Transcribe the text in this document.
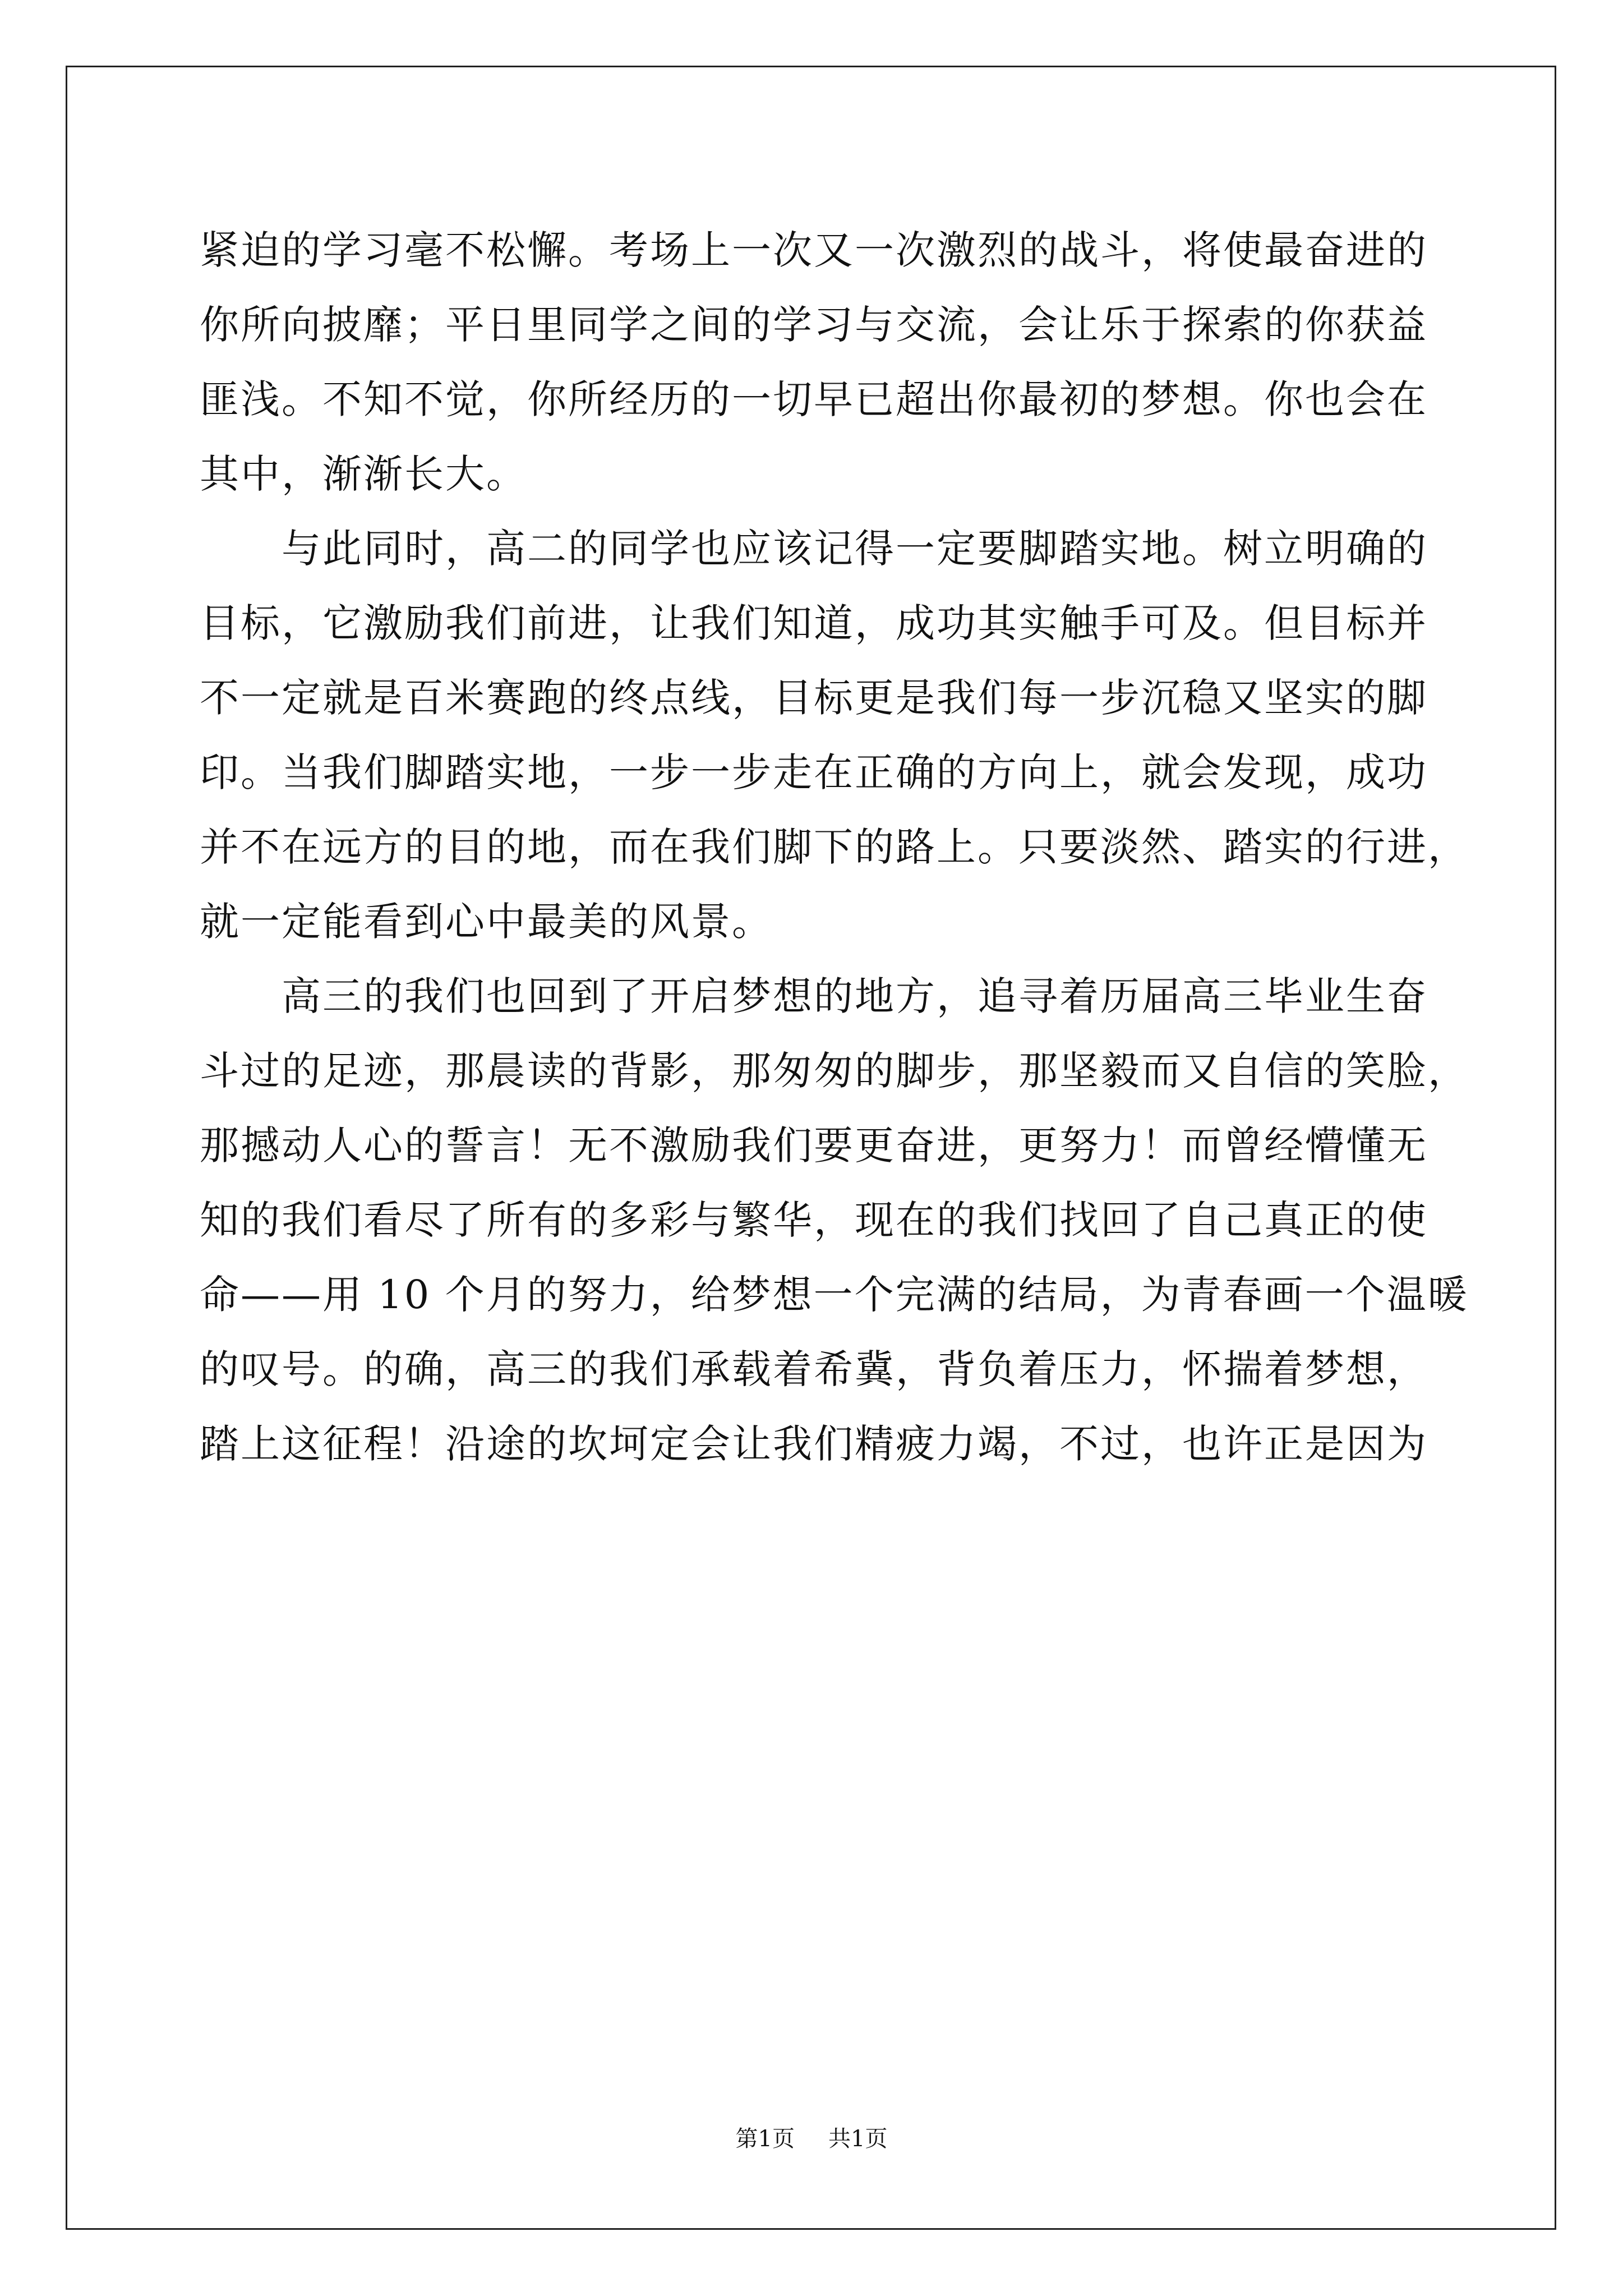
紧迫的学习毫不松懈。考场上一次又一次激烈的战斗，将使最奋进的
你所向披靡；平日里同学之间的学习与交流，会让乐于探索的你获益
匪浅。不知不觉，你所经历的一切早已超出你最初的梦想。你也会在
其中，渐渐长大。
与此同时，高二的同学也应该记得一定要脚踏实地。树立明确的
目标，它激励我们前进，让我们知道，成功其实触手可及。但目标并
不一定就是百米赛跑的终点线，目标更是我们每一步沉稳又坚实的脚
印。当我们脚踏实地，一步一步走在正确的方向上，就会发现，成功
并不在远方的目的地，而在我们脚下的路上。只要淡然、踏实的行进，
就一定能看到心中最美的风景。
高三的我们也回到了开启梦想的地方，追寻着历届高三毕业生奋
斗过的足迹，那晨读的背影，那匆匆的脚步，那坚毅而又自信的笑脸，
那撼动人心的誓言！无不激励我们要更奋进，更努力！而曾经懵懂无
知的我们看尽了所有的多彩与繁华，现在的我们找回了自己真正的使
命——用 10 个月的努力，给梦想一个完满的结局，为青春画一个温暖
的叹号。的确，高三的我们承载着希冀，背负着压力，怀揣着梦想，
踏上这征程！沿途的坎坷定会让我们精疲力竭，不过，也许正是因为
第1页 共1页
